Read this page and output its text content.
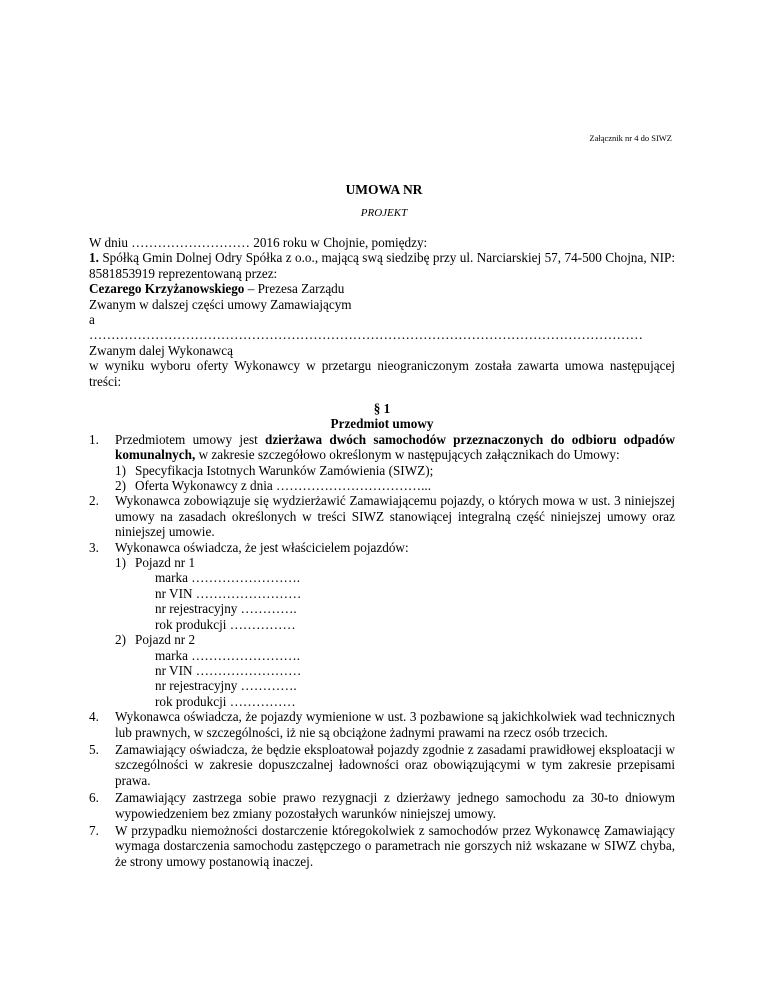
Załącznik nr 4 do SIWZ
UMOWA NR
PROJEKT

W dniu ……………………… 2016 roku w Chojnie, pomiędzy:

1. Spółką Gmin Dolnej Odry Spółka z o.o., mającą swą siedzibę przy ul. Narciarskiej 57, 74-500 Chojna, NIP: 8581853919 reprezentowaną przez:

Cezarego Krzyżanowskiego – Prezesa Zarządu

Zwanym w dalszej części umowy Zamawiającym

a

………………………………………………………………………………………………………………

Zwanym dalej Wykonawcą

w wyniku wyboru oferty Wykonawcy w przetargu nieograniczonym została zawarta umowa następującej treści:

§ 1
Przedmiot umowy
1. Przedmiotem umowy jest dzierżawa dwóch samochodów przeznaczonych do odbioru odpadów komunalnych, w zakresie szczegółowo określonym w następujących załącznikach do Umowy:
1) Specyfikacja Istotnych Warunków Zamówienia (SIWZ);
2) Oferta Wykonawcy z dnia ……………………………...
2. Wykonawca zobowiązuje się wydzierżawić Zamawiającemu pojazdy, o których mowa w ust. 3 niniejszej umowy na zasadach określonych w treści SIWZ stanowiącej integralną część niniejszej umowy oraz niniejszej umowie.
3. Wykonawca oświadcza, że jest właścicielem pojazdów:
1) Pojazd nr 1
marka …………………….
nr VIN ……………………
nr rejestracyjny ………….
rok produkcji ……………
2) Pojazd nr 2
marka …………………….
nr VIN ……………………
nr rejestracyjny ………….
rok produkcji ……………
4. Wykonawca oświadcza, że pojazdy wymienione w ust. 3 pozbawione są jakichkolwiek wad technicznych lub prawnych, w szczególności, iż nie są obciążone żadnymi prawami na rzecz osób trzecich.
5. Zamawiający oświadcza, że będzie eksploatował pojazdy zgodnie z zasadami prawidłowej eksploatacji w szczególności w zakresie dopuszczalnej ładowności oraz obowiązującymi w tym zakresie przepisami prawa.
6. Zamawiający zastrzega sobie prawo rezygnacji z dzierżawy jednego samochodu za 30-to dniowym wypowiedzeniem bez zmiany pozostałych warunków niniejszej umowy.
7. W przypadku niemożności dostarczenie któregokolwiek z samochodów przez Wykonawcę Zamawiający wymaga dostarczenia samochodu zastępczego o parametrach nie gorszych niż wskazane w SIWZ chyba, że strony umowy postanowią inaczej.
